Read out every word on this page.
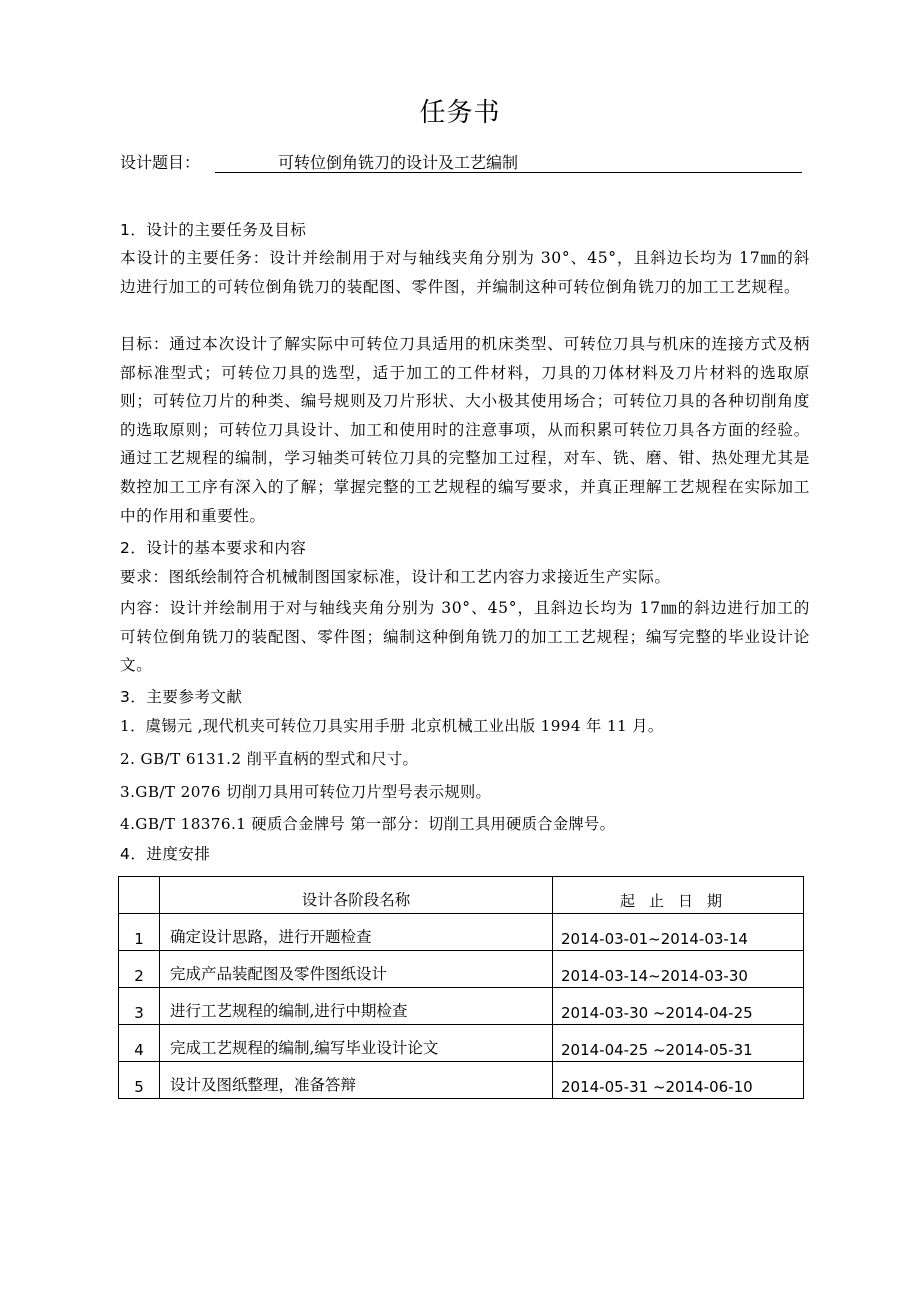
任务书
设计题目：	可转位倒角铣刀的设计及工艺编制
1．设计的主要任务及目标

本设计的主要任务：设计并绘制用于对与轴线夹角分别为 30°、45°，且斜边长均为 17㎜的斜边进行加工的可转位倒角铣刀的装配图、零件图，并编制这种可转位倒角铣刀的加工工艺规程。

目标：通过本次设计了解实际中可转位刀具适用的机床类型、可转位刀具与机床的连接方式及柄部标准型式；可转位刀具的选型，适于加工的工件材料，刀具的刀体材料及刀片材料的选取原则；可转位刀片的种类、编号规则及刀片形状、大小极其使用场合；可转位刀具的各种切削角度的选取原则；可转位刀具设计、加工和使用时的注意事项，从而积累可转位刀具各方面的经验。通过工艺规程的编制，学习轴类可转位刀具的完整加工过程，对车、铣、磨、钳、热处理尤其是数控加工工序有深入的了解；掌握完整的工艺规程的编写要求，并真正理解工艺规程在实际加工中的作用和重要性。

2．设计的基本要求和内容

要求：图纸绘制符合机械制图国家标准，设计和工艺内容力求接近生产实际。

内容：设计并绘制用于对与轴线夹角分别为 30°、45°，且斜边长均为 17㎜的斜边进行加工的可转位倒角铣刀的装配图、零件图；编制这种倒角铣刀的加工工艺规程；编写完整的毕业设计论文。

3．主要参考文献
1．虞锡元 ,现代机夹可转位刀具实用手册 北京机械工业出版 1994 年 11 月。
2. GB/T 6131.2 削平直柄的型式和尺寸。
3.GB/T 2076 切削刀具用可转位刀片型号表示规则。
4.GB/T 18376.1 硬质合金牌号 第一部分：切削工具用硬质合金牌号。
4．进度安排
	设计各阶段名称	起止日期
1	确定设计思路，进行开题检查	2014-03-01~2014-03-14
2	完成产品装配图及零件图纸设计	2014-03-14~2014-03-30
3	进行工艺规程的编制,进行中期检查	2014-03-30 ~2014-04-25
4	完成工艺规程的编制,编写毕业设计论文	2014-04-25 ~2014-05-31
5	设计及图纸整理，准备答辩	2014-05-31 ~2014-06-10
